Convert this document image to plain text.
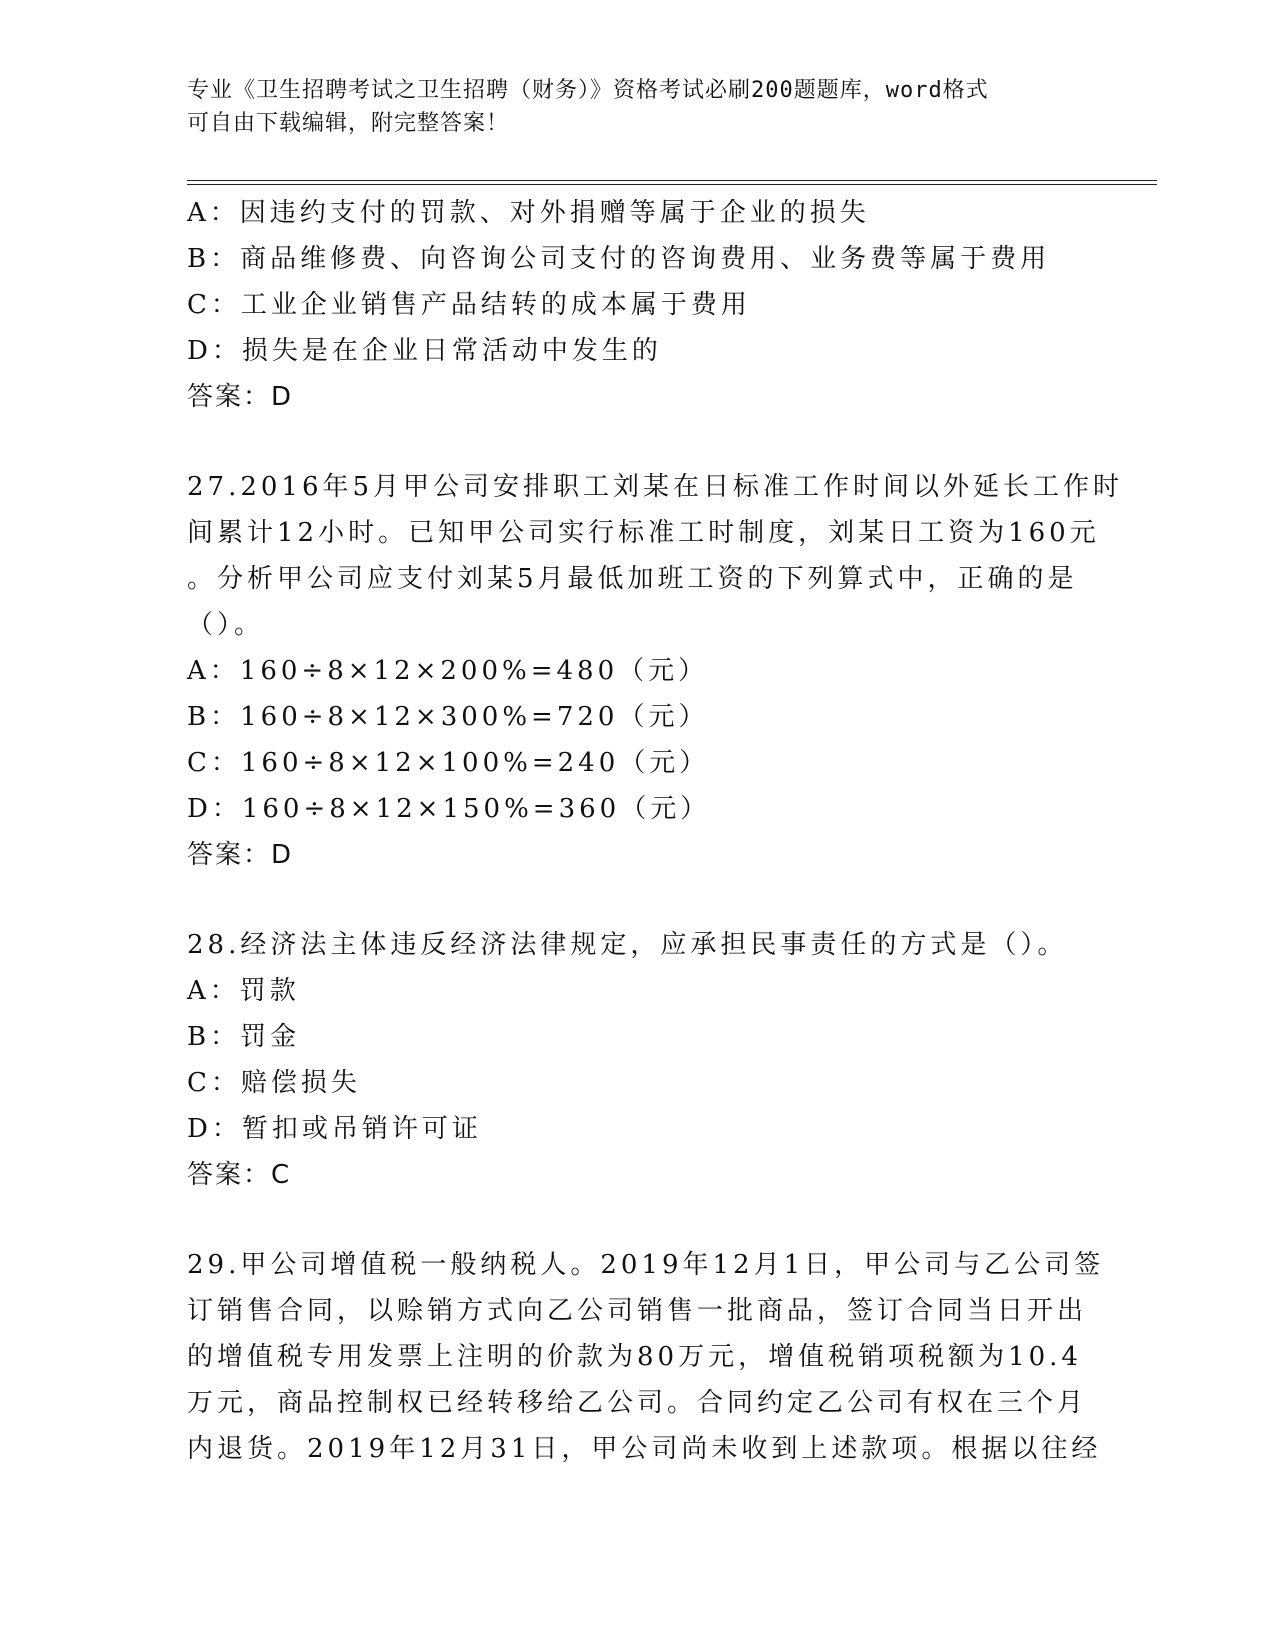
专业《卫生招聘考试之卫生招聘（财务）》资格考试必刷200题题库，word格式
可自由下载编辑，附完整答案！
A：因违约支付的罚款、对外捐赠等属于企业的损失
B：商品维修费、向咨询公司支付的咨询费用、业务费等属于费用
C：工业企业销售产品结转的成本属于费用
D：损失是在企业日常活动中发生的
答案：D
27.2016年5月甲公司安排职工刘某在日标准工作时间以外延长工作时
间累计12小时。已知甲公司实行标准工时制度，刘某日工资为160元
。分析甲公司应支付刘某5月最低加班工资的下列算式中，正确的是
（）。
A：160÷8×12×200%=480（元）
B：160÷8×12×300%=720（元）
C：160÷8×12×100%=240（元）
D：160÷8×12×150%=360（元）
答案：D
28.经济法主体违反经济法律规定，应承担民事责任的方式是（）。
A：罚款
B：罚金
C：赔偿损失
D：暂扣或吊销许可证
答案：C
29.甲公司增值税一般纳税人。2019年12月1日，甲公司与乙公司签
订销售合同，以赊销方式向乙公司销售一批商品，签订合同当日开出
的增值税专用发票上注明的价款为80万元，增值税销项税额为10.4
万元，商品控制权已经转移给乙公司。合同约定乙公司有权在三个月
内退货。2019年12月31日，甲公司尚未收到上述款项。根据以往经
